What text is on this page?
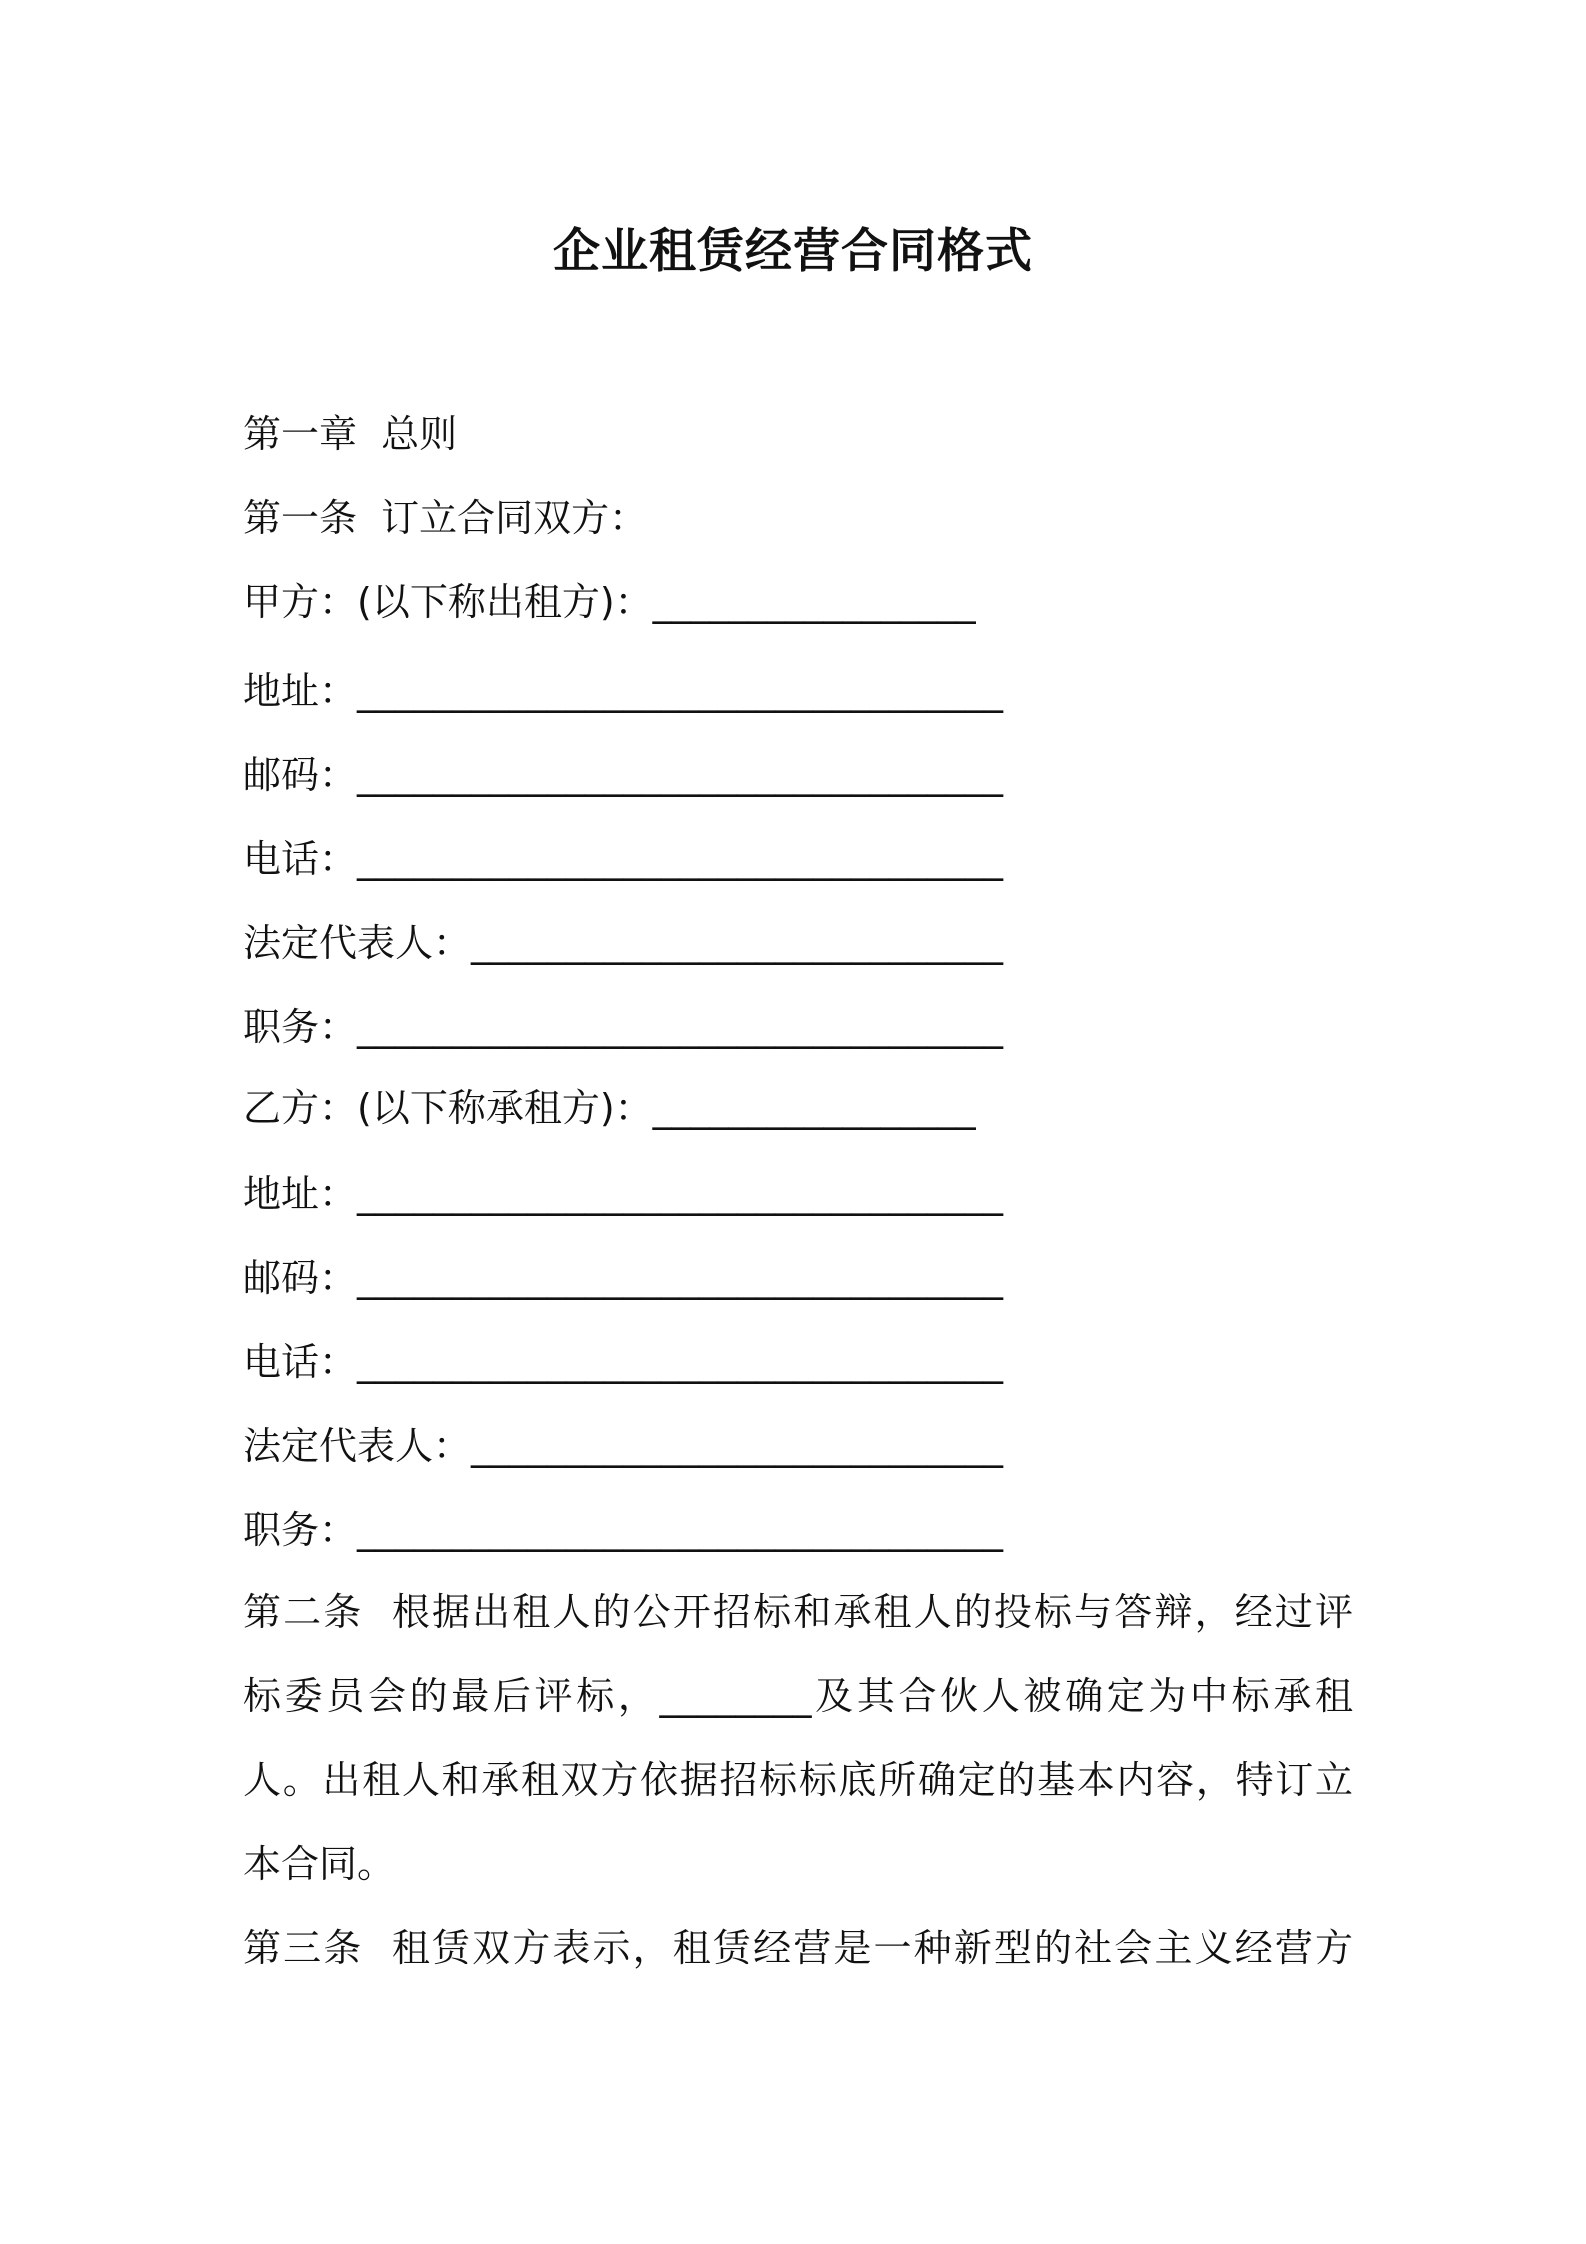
企业租赁经营合同格式
第一章  总则
第一条  订立合同双方：
甲方：(以下称出租方)：_________________
地址：__________________________________
邮码：__________________________________
电话：__________________________________
法定代表人：____________________________
职务：__________________________________
乙方：(以下称承租方)：_________________
地址：__________________________________
邮码：__________________________________
电话：__________________________________
法定代表人：____________________________
职务：__________________________________
第二条  根据出租人的公开招标和承租人的投标与答辩，经过评
标委员会的最后评标，________及其合伙人被确定为中标承租
人。出租人和承租双方依据招标标底所确定的基本内容，特订立
本合同。
第三条  租赁双方表示，租赁经营是一种新型的社会主义经营方
